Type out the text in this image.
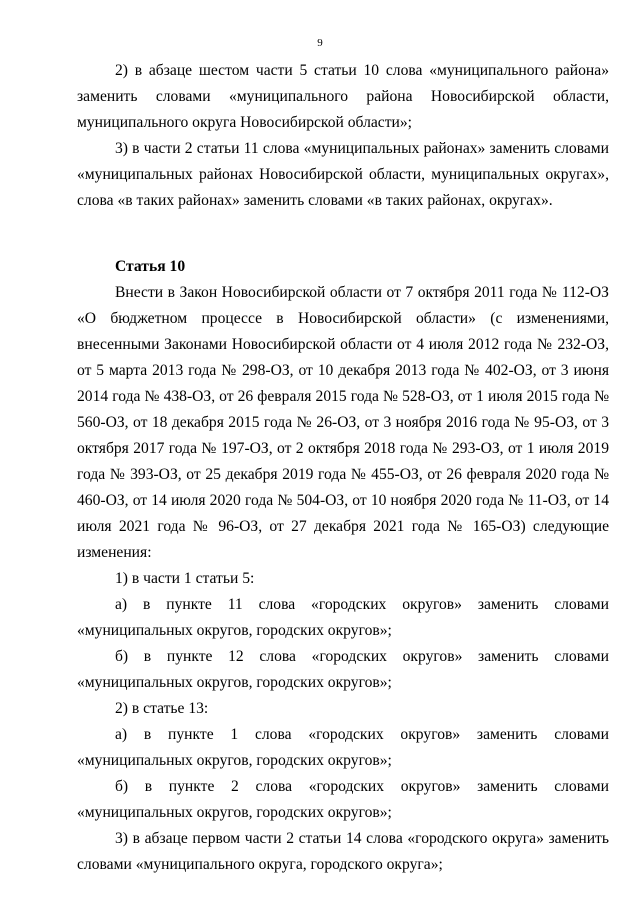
9

2) в абзаце шестом части 5 статьи 10 слова «муниципального района» заменить словами «муниципального района Новосибирской области, муниципального округа Новосибирской области»;

3) в части 2 статьи 11 слова «муниципальных районах» заменить словами «муниципальных районах Новосибирской области, муниципальных округах», слова «в таких районах» заменить словами «в таких районах, округах».

Статья 10

Внести в Закон Новосибирской области от 7 октября 2011 года № 112-ОЗ «О бюджетном процессе в Новосибирской области» (с изменениями, внесенными Законами Новосибирской области от 4 июля 2012 года № 232-ОЗ, от 5 марта 2013 года № 298-ОЗ, от 10 декабря 2013 года № 402-ОЗ, от 3 июня 2014 года № 438-ОЗ, от 26 февраля 2015 года № 528-ОЗ, от 1 июля 2015 года № 560-ОЗ, от 18 декабря 2015 года № 26-ОЗ, от 3 ноября 2016 года № 95-ОЗ, от 3 октября 2017 года № 197-ОЗ, от 2 октября 2018 года № 293-ОЗ, от 1 июля 2019 года № 393-ОЗ, от 25 декабря 2019 года № 455-ОЗ, от 26 февраля 2020 года № 460-ОЗ, от 14 июля 2020 года № 504-ОЗ, от 10 ноября 2020 года № 11-ОЗ, от 14 июля 2021 года № 96-ОЗ, от 27 декабря 2021 года № 165-ОЗ) следующие изменения:

1) в части 1 статьи 5:

а) в пункте 11 слова «городских округов» заменить словами «муниципальных округов, городских округов»;

б) в пункте 12 слова «городских округов» заменить словами «муниципальных округов, городских округов»;

2) в статье 13:

а) в пункте 1 слова «городских округов» заменить словами «муниципальных округов, городских округов»;

б) в пункте 2 слова «городских округов» заменить словами «муниципальных округов, городских округов»;

3) в абзаце первом части 2 статьи 14 слова «городского округа» заменить словами «муниципального округа, городского округа»;
